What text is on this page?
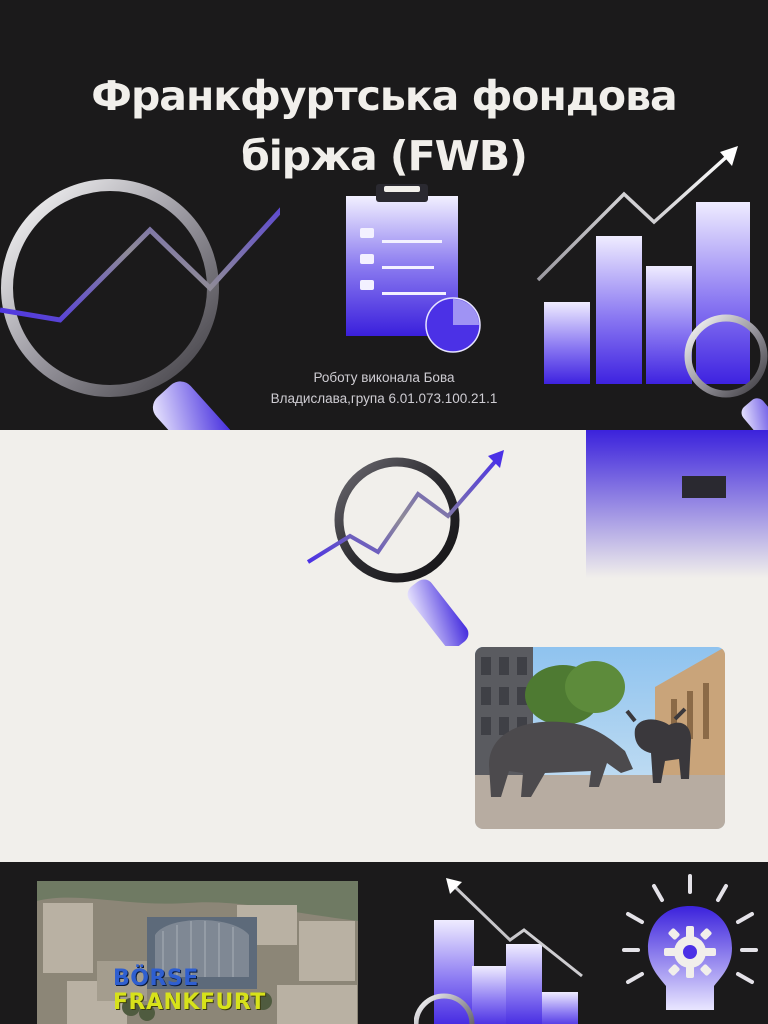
Франкфуртська фондова
біржа (FWB)
Роботу виконала Бова
Владислава,група 6.01.073.100.21.1

BÖRSE
FRANKFURT
